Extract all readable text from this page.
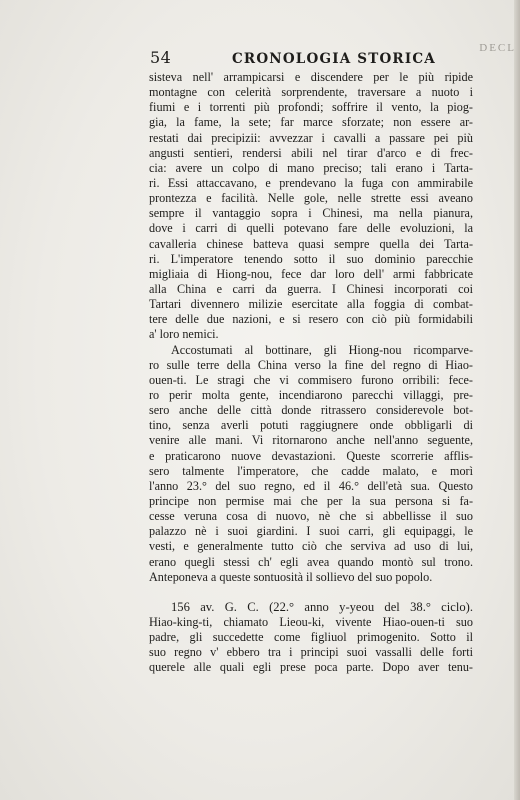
DECL
54	CRONOLOGIA STORICA
sisteva nell' arrampicarsi e discendere per le più ripide
montagne con celerità sorprendente, traversare a nuoto i
fiumi e i torrenti più profondi; soffrire il vento, la piog-
gia, la fame, la sete; far marce sforzate; non essere ar-
restati dai precipizii: avvezzar i cavalli a passare pei più
angusti sentieri, rendersi abili nel tirar d'arco e di frec-
cia: avere un colpo di mano preciso; tali erano i Tarta-
ri. Essi attaccavano, e prendevano la fuga con ammirabile
prontezza e facilità. Nelle gole, nelle strette essi aveano
sempre il vantaggio sopra i Chinesi, ma nella pianura,
dove i carri di quelli potevano fare delle evoluzioni, la
cavalleria chinese batteva quasi sempre quella dei Tarta-
ri. L'imperatore tenendo sotto il suo dominio parecchie
migliaia di Hiong-nou, fece dar loro dell' armi fabbricate
alla China e carri da guerra. I Chinesi incorporati coi
Tartari divennero milizie esercitate alla foggia di combat-
tere delle due nazioni, e si resero con ciò più formidabili
a' loro nemici.
Accostumati al bottinare, gli Hiong-nou ricomparve-
ro sulle terre della China verso la fine del regno di Hiao-
ouen-ti. Le stragi che vi commisero furono orribili: fece-
ro perir molta gente, incendiarono parecchi villaggi, pre-
sero anche delle città donde ritrassero considerevole bot-
tino, senza averli potuti raggiugnere onde obbligarli di
venire alle mani. Vi ritornarono anche nell'anno seguente,
e praticarono nuove devastazioni. Queste scorrerie afflis-
sero talmente l'imperatore, che cadde malato, e morì
l'anno 23.° del suo regno, ed il 46.° dell'età sua. Questo
principe non permise mai che per la sua persona si fa-
cesse veruna cosa di nuovo, nè che si abbellisse il suo
palazzo nè i suoi giardini. I suoi carri, gli equipaggi, le
vesti, e generalmente tutto ciò che serviva ad uso di lui,
erano quegli stessi ch' egli avea quando montò sul trono.
Anteponeva a queste sontuosità il sollievo del suo popolo.
156 av. G. C. (22.° anno y-yeou del 38.° ciclo).
Hiao-king-ti, chiamato Lieou-ki, vivente Hiao-ouen-ti suo
padre, gli succedette come figliuol primogenito. Sotto il
suo regno v' ebbero tra i principi suoi vassalli delle forti
querele alle quali egli prese poca parte. Dopo aver tenu-
